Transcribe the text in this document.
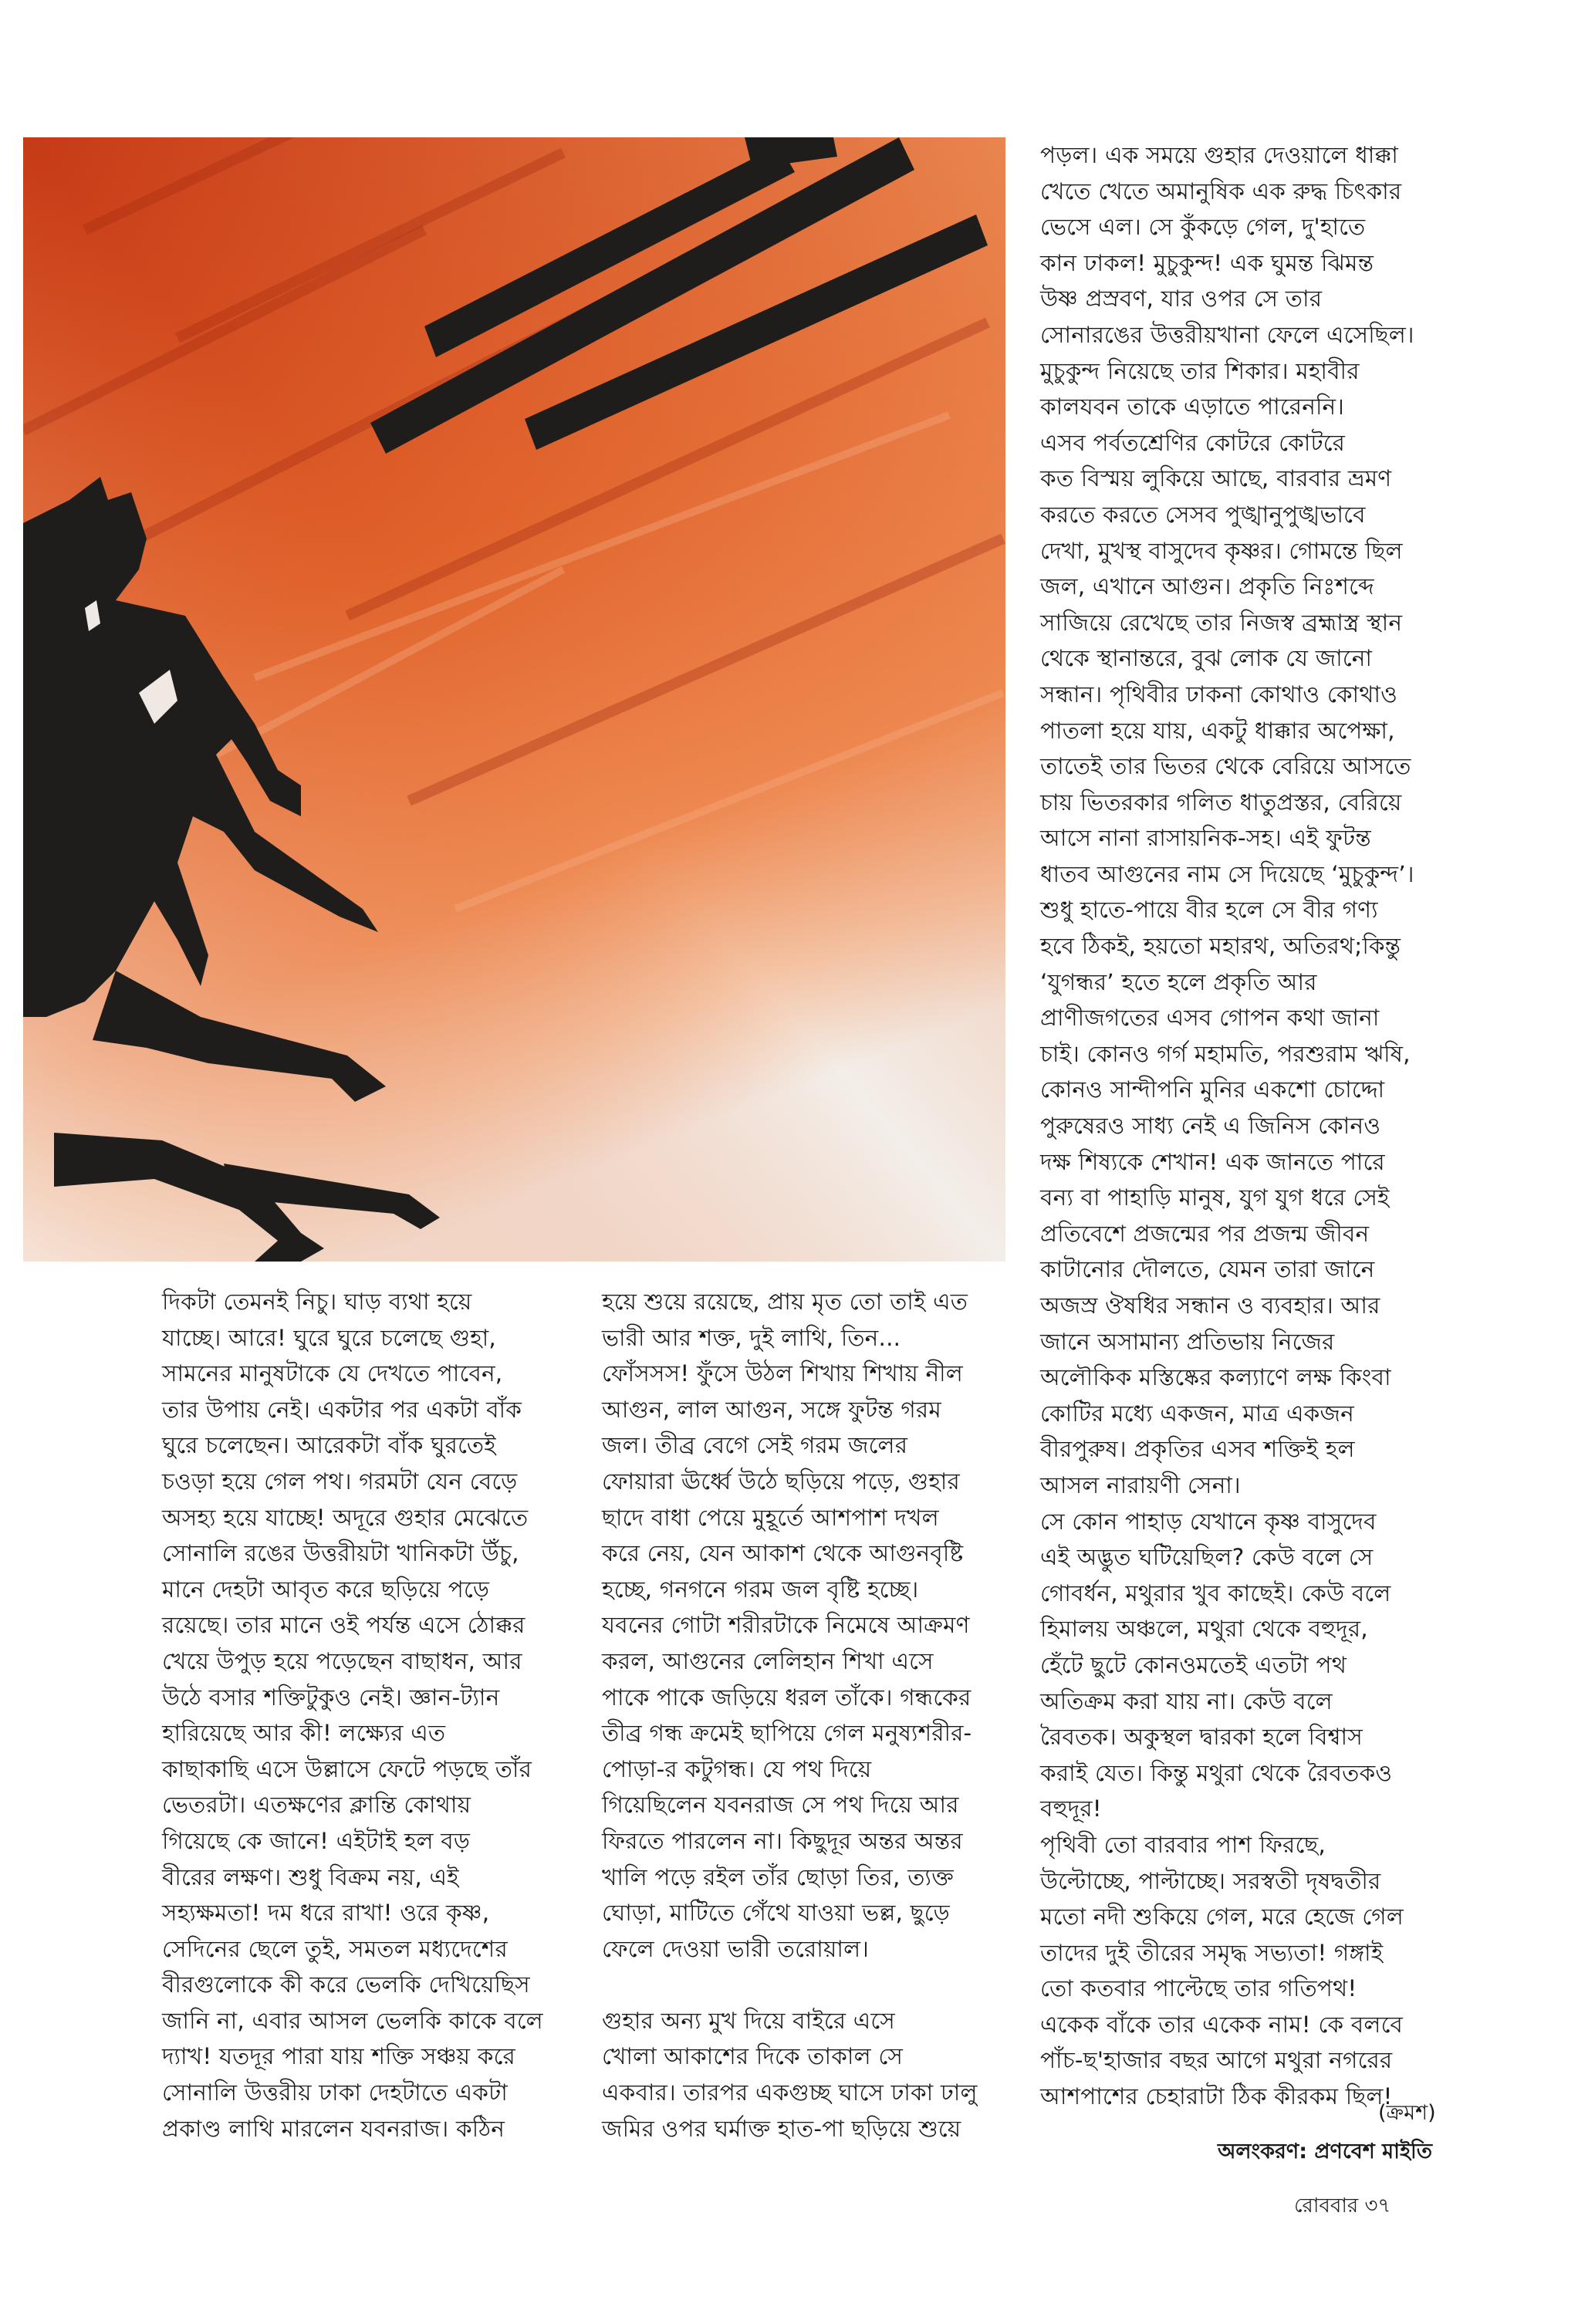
পড়ল। এক সময়ে গুহার দেওয়ালে ধাক্কা
খেতে খেতে অমানুষিক এক রুদ্ধ চিৎকার
ভেসে এল। সে কুঁকড়ে গেল, দু'হাতে
কান ঢাকল! মুচুকুন্দ! এক ঘুমন্ত ঝিমন্ত
উষ্ণ প্রস্রবণ, যার ওপর সে তার
সোনারঙের উত্তরীয়খানা ফেলে এসেছিল।
মুচুকুন্দ নিয়েছে তার শিকার। মহাবীর
কালযবন তাকে এড়াতে পারেননি।
এসব পর্বতশ্রেণির কোটরে কোটরে
কত বিস্ময় লুকিয়ে আছে, বারবার ভ্রমণ
করতে করতে সেসব পুঙ্খানুপুঙ্খভাবে
দেখা, মুখস্থ বাসুদেব কৃষ্ণর। গোমন্তে ছিল
জল, এখানে আগুন। প্রকৃতি নিঃশব্দে
সাজিয়ে রেখেছে তার নিজস্ব ব্রহ্মাস্ত্র স্থান
থেকে স্থানান্তরে, বুঝ লোক যে জানো
সন্ধান। পৃথিবীর ঢাকনা কোথাও কোথাও
পাতলা হয়ে যায়, একটু ধাক্কার অপেক্ষা,
তাতেই তার ভিতর থেকে বেরিয়ে আসতে
চায় ভিতরকার গলিত ধাতুপ্রস্তর, বেরিয়ে
আসে নানা রাসায়নিক-সহ। এই ফুটন্ত
ধাতব আগুনের নাম সে দিয়েছে ‘মুচুকুন্দ’।
শুধু হাতে-পায়ে বীর হলে সে বীর গণ্য
হবে ঠিকই, হয়তো মহারথ, অতিরথ;কিন্তু
‘যুগন্ধর’ হতে হলে প্রকৃতি আর
প্রাণীজগতের এসব গোপন কথা জানা
চাই। কোনও গর্গ মহামতি, পরশুরাম ঋষি,
কোনও সান্দীপনি মুনির একশো চোদ্দো
পুরুষেরও সাধ্য নেই এ জিনিস কোনও
দক্ষ শিষ্যকে শেখান! এক জানতে পারে
বন্য বা পাহাড়ি মানুষ, যুগ যুগ ধরে সেই
প্রতিবেশে প্রজন্মের পর প্রজন্ম জীবন
কাটানোর দৌলতে, যেমন তারা জানে
অজস্র ঔষধির সন্ধান ও ব্যবহার। আর
জানে অসামান্য প্রতিভায় নিজের
অলৌকিক মস্তিষ্কের কল্যাণে লক্ষ কিংবা
কোটির মধ্যে একজন, মাত্র একজন
বীরপুরুষ। প্রকৃতির এসব শক্তিই হল
আসল নারায়ণী সেনা।
সে কোন পাহাড় যেখানে কৃষ্ণ বাসুদেব
এই অদ্ভুত ঘটিয়েছিল? কেউ বলে সে
গোবর্ধন, মথুরার খুব কাছেই। কেউ বলে
হিমালয় অঞ্চলে, মথুরা থেকে বহুদূর,
হেঁটে ছুটে কোনওমতেই এতটা পথ
অতিক্রম করা যায় না। কেউ বলে
রৈবতক। অকুস্থল দ্বারকা হলে বিশ্বাস
করাই যেত। কিন্তু মথুরা থেকে রৈবতকও
বহুদূর!
পৃথিবী তো বারবার পাশ ফিরছে,
উল্টোচ্ছে, পাল্টাচ্ছে। সরস্বতী দৃষদ্বতীর
মতো নদী শুকিয়ে গেল, মরে হেজে গেল
তাদের দুই তীরের সমৃদ্ধ সভ্যতা! গঙ্গাই
তো কতবার পাল্টেছে তার গতিপথ!
একেক বাঁকে তার একেক নাম! কে বলবে
পাঁচ-ছ'হাজার বছর আগে মথুরা নগরের
আশপাশের চেহারাটা ঠিক কীরকম ছিল!
দিকটা তেমনই নিচু। ঘাড় ব্যথা হয়ে
যাচ্ছে। আরে! ঘুরে ঘুরে চলেছে গুহা,
সামনের মানুষটাকে যে দেখতে পাবেন,
তার উপায় নেই। একটার পর একটা বাঁক
ঘুরে চলেছেন। আরেকটা বাঁক ঘুরতেই
চওড়া হয়ে গেল পথ। গরমটা যেন বেড়ে
অসহ্য হয়ে যাচ্ছে! অদূরে গুহার মেঝেতে
সোনালি রঙের উত্তরীয়টা খানিকটা উঁচু,
মানে দেহটা আবৃত করে ছড়িয়ে পড়ে
রয়েছে। তার মানে ওই পর্যন্ত এসে ঠোক্কর
খেয়ে উপুড় হয়ে পড়েছেন বাছাধন, আর
উঠে বসার শক্তিটুকুও নেই। জ্ঞান-ট্যান
হারিয়েছে আর কী! লক্ষ্যের এত
কাছাকাছি এসে উল্লাসে ফেটে পড়ছে তাঁর
ভেতরটা। এতক্ষণের ক্লান্তি কোথায়
গিয়েছে কে জানে! এইটাই হল বড়
বীরের লক্ষণ। শুধু বিক্রম নয়, এই
সহ্যক্ষমতা! দম ধরে রাখা! ওরে কৃষ্ণ,
সেদিনের ছেলে তুই, সমতল মধ্যদেশের
বীরগুলোকে কী করে ভেলকি দেখিয়েছিস
জানি না, এবার আসল ভেলকি কাকে বলে
দ্যাখ! যতদূর পারা যায় শক্তি সঞ্চয় করে
সোনালি উত্তরীয় ঢাকা দেহটাতে একটা
প্রকাণ্ড লাথি মারলেন যবনরাজ। কঠিন
হয়ে শুয়ে রয়েছে, প্রায় মৃত তো তাই এত
ভারী আর শক্ত, দুই লাথি, তিন...
ফোঁসসস! ফুঁসে উঠল শিখায় শিখায় নীল
আগুন, লাল আগুন, সঙ্গে ফুটন্ত গরম
জল। তীব্র বেগে সেই গরম জলের
ফোয়ারা ঊর্ধ্বে উঠে ছড়িয়ে পড়ে, গুহার
ছাদে বাধা পেয়ে মুহূর্তে আশপাশ দখল
করে নেয়, যেন আকাশ থেকে আগুনবৃষ্টি
হচ্ছে, গনগনে গরম জল বৃষ্টি হচ্ছে।
যবনের গোটা শরীরটাকে নিমেষে আক্রমণ
করল, আগুনের লেলিহান শিখা এসে
পাকে পাকে জড়িয়ে ধরল তাঁকে। গন্ধকের
তীব্র গন্ধ ক্রমেই ছাপিয়ে গেল মনুষ্যশরীর-
পোড়া-র কটুগন্ধ। যে পথ দিয়ে
গিয়েছিলেন যবনরাজ সে পথ দিয়ে আর
ফিরতে পারলেন না। কিছুদূর অন্তর অন্তর
খালি পড়ে রইল তাঁর ছোড়া তির, ত্যক্ত
ঘোড়া, মাটিতে গেঁথে যাওয়া ভল্ল, ছুড়ে
ফেলে দেওয়া ভারী তরোয়াল।
গুহার অন্য মুখ দিয়ে বাইরে এসে
খোলা আকাশের দিকে তাকাল সে
একবার। তারপর একগুচ্ছ ঘাসে ঢাকা ঢালু
জমির ওপর ঘর্মাক্ত হাত-পা ছড়িয়ে শুয়ে
(ক্রমশ)
অলংকরণ: প্রণবেশ মাইতি
রোববার ৩৭
